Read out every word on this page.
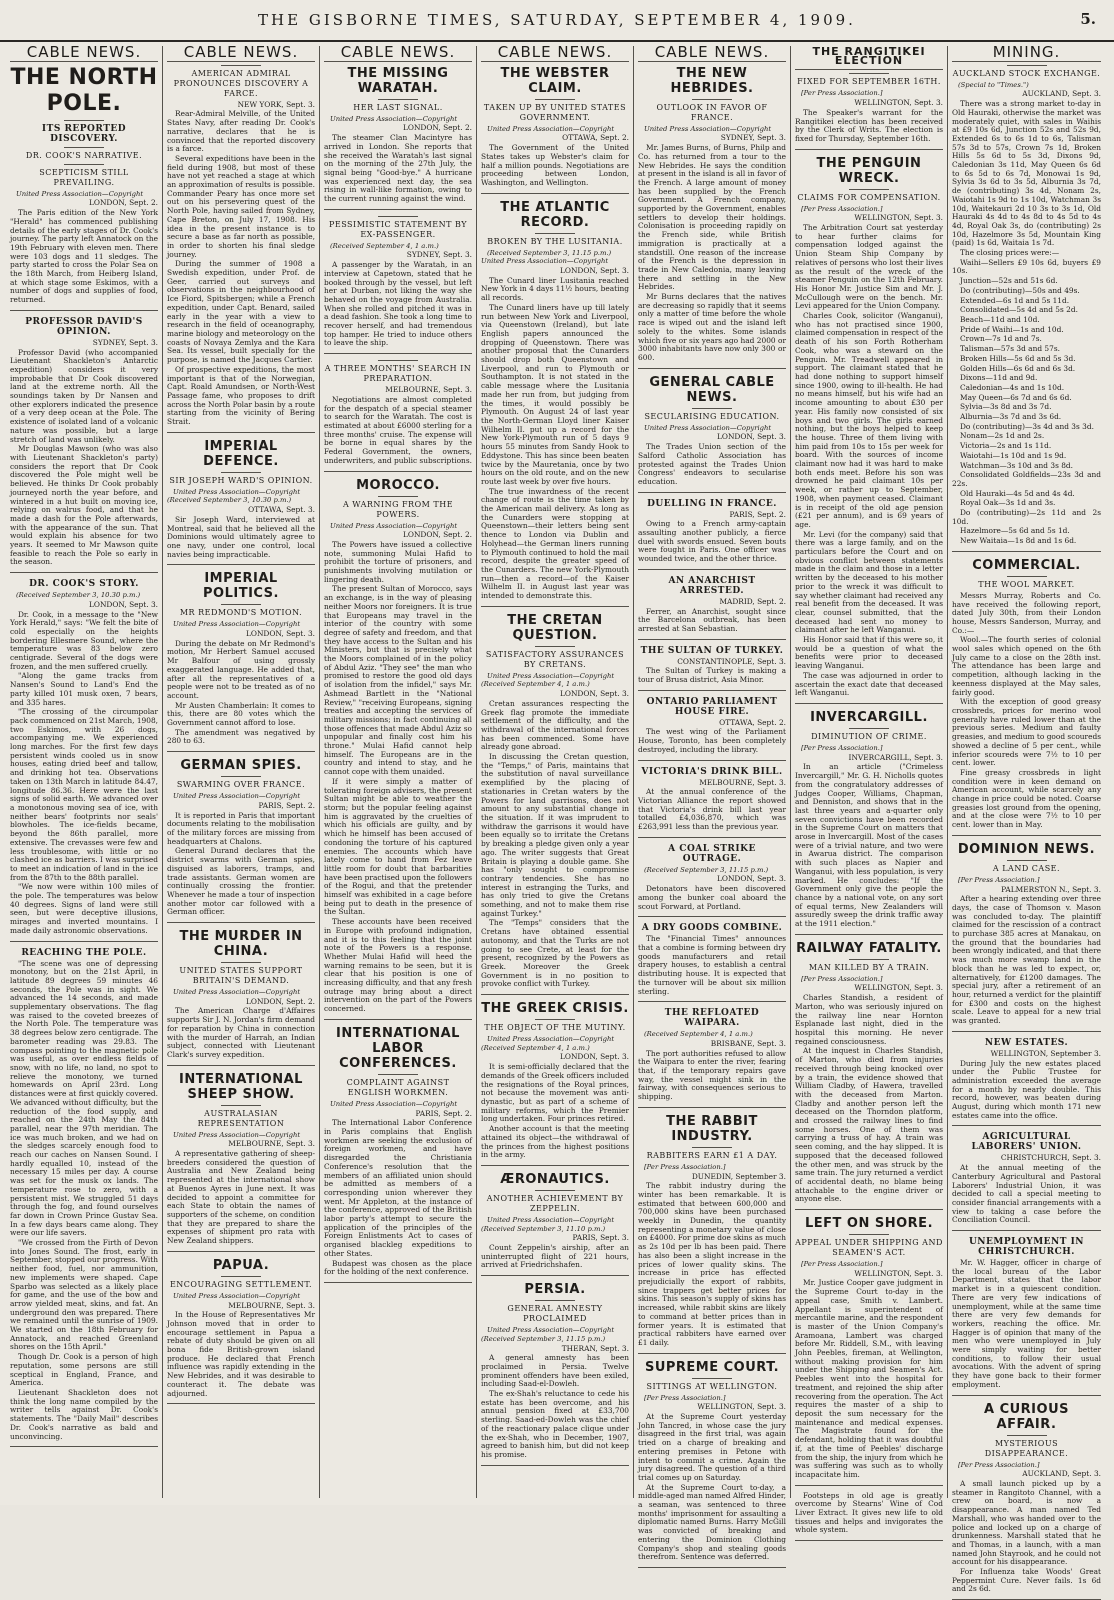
THE GISBORNE TIMES, SATURDAY, SEPTEMBER 4, 1909.	5.
CABLE NEWS.
THE NORTH POLE.
ITS REPORTED DISCOVERY.
DR. COOK'S NARRATIVE.
SCEPTICISM STILL PREVAILING.
United Press Association—Copyright
LONDON, Sept. 2.

The Paris edition of the New York "Herald" has commenced publishing details of the early stages of Dr. Cook's journey. The party left Annatock on the 19th February with eleven men. There were 103 dogs and 11 sledges. The party started to cross the Polar Sea on the 18th March, from Heiberg Island, at which stage some Eskimos, with a number of dogs and supplies of food, returned.

PROFESSOR DAVID'S OPINION.
SYDNEY, Sept. 3.

Professor David (who accompanied Lieutenant Shackleton's Antarctic expedition) considers it very improbable that Dr Cook discovered land at the extreme north. All the soundings taken by Dr Nansen and other explorers indicated the presence of a very deep ocean at the Pole. The existence of isolated land of a volcanic nature was possible, but a large stretch of land was unlikely.

Mr Douglas Mawson (who was also with Lieutenant Shackleton's party) considers the report that Dr Cook discovered the Pole might well be believed. He thinks Dr Cook probably journeyed north the year before, and wintered in a hut built on moving ice, relying on walrus food, and that he made a dash for the Pole afterwards, with the appearance of the sun. That would explain his absence for two years. It seemed to Mr Mawson quite feasible to reach the Pole so early in the season.

DR. COOK'S STORY.
(Received September 3, 10.30 p.m.)
LONDON, Sept. 3.

Dr. Cook, in a message to the "New York Herald," says: "We felt the bite of cold especially on the heights bordering Ellesmere Sound, where the temperature was 83 below zero centigrade. Several of the dogs were frozen, and the men suffered cruelly.

"Along the game tracks from Nansen's Sound to Land's End the party killed 101 musk oxen, 7 bears, and 335 hares.

"The crossing of the circumpolar pack commenced on 21st March, 1908, two Eskimos, with 26 dogs, accompanying me. We experienced long marches. For the first few days persistent winds cooled us in snow houses, eating dried beef and tallow, and drinking hot tea. Observations taken on 13th March in latitude 84.47, longitude 86.36. Here were the last signs of solid earth. We advanced over a monotonous moving sea of ice, with neither bears' footprints nor seals' blowholes. The ice-fields became, beyond the 86th parallel, more extensive. The crevasses were few and less troublesome, with little or no clashed ice as barriers. I was surprised to meet an indication of land in the ice from the 87th to the 88th parallel.

"We now were within 100 miles of the pole. The temperatures was below 40 degrees. Signs of land were still seen, but were deceptive illusions, mirages and inverted mountains. I made daily astronomic observations.

REACHING THE POLE.

"The scene was one of depressing monotony, but on the 21st April, in latitude 89 degrees 59 minutes 46 seconds, the Pole was in sight. We advanced the 14 seconds, and made supplementary observations. The flag was raised to the coveted breezes of the North Pole. The temperature was 38 degrees below zero centigrade. The barometer reading was 29.83. The compass pointing to the magnetic pole was useful, as over endless fields of snow, with no life, no land, no spot to relieve the monotony, we turned homewards on April 23rd. Long distances were at first quickly covered. We advanced without difficulty, but the reduction of the food supply, and reached on the 24th May the 84th parallel, near the 97th meridian. The ice was much broken, and we had on the sledges scarcely enough food to reach our caches on Nansen Sound. I hardly equalled 10, instead of the necessary 15 miles per day. A course was set for the musk ox lands. The temperature rose to zero, with a persistent mist. We struggled 51 days through the fog, and found ourselves far down in Crown Prince Gustav Sea. In a few days bears came along. They were our life savers.

"We crossed from the Firth of Devon into Jones Sound. The frost, early in September, stopped our progress. With neither food, fuel, nor ammunition, new implements were shaped. Cape Sparbo was selected as a likely place for game, and the use of the bow and arrow yielded meat, skins, and fat. An underground den was prepared. There we remained until the sunrise of 1909. We started on the 18th February for Annatock, and reached Greenland shores on the 15th April."

Though Dr. Cook is a person of high reputation, some persons are still sceptical in England, France, and America.

Lieutenant Shackleton does not think the long name compiled by the writer tells against Dr. Cook's statements. The "Daily Mail" describes Dr. Cook's narrative as bald and unconvincing.

CABLE NEWS.
AMERICAN ADMIRAL PRONOUNCES DISCOVERY A FARCE.
NEW YORK, Sept. 3.

Rear-Admiral Melville, of the United States Navy, after reading Dr. Cook's narrative, declares that he is convinced that the reported discovery is a farce.

Several expeditions have been in the field during 1908, but most of these have not yet reached a stage at which an approximation of results is possible. Commander Peary has once more set out on his persevering quest of the North Pole, having sailed from Sydney, Cape Breton, on July 17, 1908. His idea in the present instance is to secure a base as far north as possible, in order to shorten his final sledge journey.

During the summer of 1908 a Swedish expedition, under Prof. de Geer, carried out surveys and observations in the neighbourhood of Ice Fiord, Spitsbergen; while a French expedition, under Capt. Benard, sailed early in the year with a view to research in the field of oceanography, marine biology and meteorology on the coasts of Novaya Zemlya and the Kara Sea. Its vessel, built specially for the purpose, is named the Jacques Cartier.

Of prospective expeditions, the most important is that of the Norwegian, Capt. Roald Amundsen, or North-West Passage fame, who proposes to drift across the North Polar basin by a route starting from the vicinity of Bering Strait.

IMPERIAL DEFENCE.
SIR JOSEPH WARD'S OPINION.
United Press Association—Copyright (Received September 3, 10.30 p.m.)
OTTAWA, Sept. 3.

Sir Joseph Ward, interviewed at Montreal, said that he believed all the Dominions would ultimately agree to one navy, under one control, local navies being impracticable.

IMPERIAL POLITICS.
MR REDMOND'S MOTION.
United Press Association—Copyright
LONDON, Sept. 3.

During the debate on Mr Redmond's motion, Mr Herbert Samuel accused Mr Balfour of using grossly exaggerated language. He added that, after all the representatives of a people were not to be treated as of no account.

Mr Austen Chamberlain: It comes to this, there are 80 votes which the Government cannot afford to lose.

The amendment was negatived by 280 to 63.

GERMAN SPIES.
SWARMING OVER FRANCE.
United Press Association—Copyright
PARIS, Sept. 2.

It is reported in Paris that important documents relating to the mobilisation of the military forces are missing from headquarters at Chalons.

General Durand declares that the district swarms with German spies, disguised as laborers, tramps, and trade assistants. German women are continually crossing the frontier. Whenever he made a tour of inspection another motor car followed with a German officer.

THE MURDER IN CHINA.
UNITED STATES SUPPORT BRITAIN'S DEMAND.
United Press Association—Copyright
LONDON, Sept. 2.

The American Charge d'Affaires supports Sir J. N. Jordan's firm demand for reparation by China in connection with the murder of Harrah, an Indian subject, connected with Lieutenant Clark's survey expedition.

INTERNATIONAL SHEEP SHOW.
AUSTRALASIAN REPRESENTATION
United Press Association—Copyright
MELBOURNE, Sept. 3.

A representative gathering of sheep-breeders considered the question of Australia and New Zealand being represented at the international show at Buenos Ayres in June next. It was decided to appoint a committee for each State to obtain the names of supporters of the scheme, on condition that they are prepared to share the expenses of shipment pro rata with New Zealand shippers.

PAPUA.
ENCOURAGING SETTLEMENT.
United Press Association—Copyright
MELBOURNE, Sept. 3.

In the House of Representatives Mr Johnson moved that in order to encourage settlement in Papua a rebate of duty should be given on all bona fide British-grown island produce. He declared that French influence was rapidly extending in the New Hebrides, and it was desirable to counteract it. The debate was adjourned.

CABLE NEWS.
THE MISSING WARATAH.
HER LAST SIGNAL.
United Press Association—Copyright
LONDON, Sept. 2.

The steamer Clan Macintyre has arrived in London. She reports that she received the Waratah's last signal on the morning of the 27th July, the signal being "Good-bye." A hurricane was experienced next day, the sea rising in wall-like formation, owing to the current running against the wind.

PESSIMISTIC STATEMENT BY EX-PASSENGER.
(Received September 4, 1 a.m.)
SYDNEY, Sept. 3.

A passenger by the Waratah, in an interview at Capetown, stated that he booked through by the vessel, but left her at Durban, not liking the way she behaved on the voyage from Australia. When she rolled and pitched it was in a dead fashion. She took a long time to recover herself, and had tremendous top hamper. He tried to induce others to leave the ship.

A THREE MONTHS' SEARCH IN PREPARATION.
MELBOURNE, Sept. 3.

Negotiations are almost completed for the despatch of a special steamer to search for the Waratah. The cost is estimated at about £6000 sterling for a three months' cruise. The expense will be borne in equal shares by the Federal Government, the owners, underwriters, and public subscriptions.

MOROCCO.
A WARNING FROM THE POWERS.
United Press Association—Copyright
LONDON, Sept. 2.

The Powers have issued a collective note, summoning Mulai Hafid to prohibit the torture of prisoners, and punishments involving mutilation or lingering death.

The present Sultan of Morocco, says an exchange, is in the way of pleasing neither Moors nor foreigners. It is true that Europeans may travel in the interior of the country with some degree of safety and freedom, and that they have access to the Sultan and his Ministers, but that is precisely what the Moors complained of in the policy of Abdul Aziz. "They see" the man who promised to restore the good old days of isolation from the infidel," says Mr. Ashmead Bartlett in the "National Review," "receiving Europeans, signing treaties and accepting the services of military missions; in fact continuing all those offences that made Abdul Aziz so unpopular and finally cost him his throne." Mulai Hafid cannot help himself. The Europeans are in the country and intend to stay, and he cannot cope with them unaided.

If it were simply a matter of tolerating foreign advisers, the present Sultan might be able to weather the storm; but the popular feeling against him is aggravated by the cruelties of which his officials are guilty, and by which he himself has been accused of condoning the torture of his captured enemies. The accounts which have lately come to hand from Fez leave little room for doubt that barbarities have been practised upon the followers of the Rogui, and that the pretender himself was exhibited in a cage before being put to death in the presence of the Sultan.

These accounts have been received in Europe with profound indignation, and it is to this feeling that the joint note of the Powers is a response. Whether Mulai Hafid will heed the warning remains to be seen, but it is clear that his position is one of increasing difficulty, and that any fresh outrage may bring about a direct intervention on the part of the Powers concerned.

INTERNATIONAL LABOR CONFERENCES.
COMPLAINT AGAINST ENGLISH WORKMEN.
United Press Association—Copyright
PARIS, Sept. 2.

The International Labor Conference in Paris complains that English workmen are seeking the exclusion of foreign workmen, and have disregarded the Christiania Conference's resolution that the members of an affiliated union should be admitted as members of a corresponding union wherever they went. Mr Appleton, at the instance of the conference, approved of the British labor party's attempt to secure the application of the principles of the Foreign Enlistments Act to cases of organised blackleg expeditions to other States.

Budapest was chosen as the place for the holding of the next conference.

CABLE NEWS.
THE WEBSTER CLAIM.
TAKEN UP BY UNITED STATES GOVERNMENT.
United Press Association—Copyright
OTTAWA, Sept. 2.

The Government of the United States takes up Webster's claim for half a million pounds. Negotiations are proceeding between London, Washington, and Wellington.

THE ATLANTIC RECORD.
BROKEN BY THE LUSITANIA.
(Received September 3, 11.15 p.m.) United Press Association—Copyright
LONDON, Sept. 3.

The Cunard liner Lusitania reached New York in 4 days 11½ hours, beating all records.

The Cunard liners have up till lately run between New York and Liverpool, via Queenstown (Ireland), but late English papers announced the dropping of Queenstown. There was another proposal that the Cunarders should drop both Queenstown and Liverpool, and run to Plymouth or Southampton. It is not stated in the cable message where the Lusitania made her run from, but judging from the times, it would possibly be Plymouth. On August 24 of last year the North-German Lloyd liner Kaiser Wilhelm II. put up a record for the New York-Plymouth run of 5 days 9 hours 55 minutes from Sandy Hook to Eddystone. This has since been beaten twice by the Mauretania, once by two hours on the old route, and on the new route last week by over five hours.

The true inwardness of the recent change of route is the time taken by the American mail delivery. As long as the Cunarders were stopping at Queenstown—their letters being sent thence to London via Dublin and Holyhead—the German liners running to Plymouth continued to hold the mail record, despite the greater speed of the Cunarders. The new York-Plymouth run—then a record—of the Kaiser Wilhelm II. in August last year was intended to demonstrate this.

THE CRETAN QUESTION.
SATISFACTORY ASSURANCES BY CRETANS.
United Press Association—Copyright (Received September 4, 1 a.m.)
LONDON, Sept. 3.

Cretan assurances respecting the Greek flag promote the immediate settlement of the difficulty, and the withdrawal of the international forces has been commenced. Some have already gone abroad.

In discussing the Cretan question, the "Temps," of Paris, maintains that the substitution of naval surveillance exemplified by the placing of stationaries in Cretan waters by the Powers for land garrisons, does not amount to any substantial change in the situation. If it was imprudent to withdraw the garrisons it would have been equally so to irritate the Cretans by breaking a pledge given only a year ago. The writer suggests that Great Britain is playing a double game. She has "only sought to compromise contrary tendencies. She has no interest in estranging the Turks, and has only tried to give the Cretans something, and not to make them rise against Turkey."

The "Temps" considers that the Cretans have obtained essential autonomy, and that the Turks are not going to see Crete, at least for the present, recognized by the Powers as Greek. Moreover the Greek Government is in no position to provoke conflict with Turkey.

THE GREEK CRISIS.
THE OBJECT OF THE MUTINY.
United Press Association—Copyright (Received September 4, 1 a.m.)
LONDON, Sept. 3.

It is semi-officially declared that the demands of the Greek officers included the resignations of the Royal princes, not because the movement was anti-dynastic, but as part of a scheme of military reforms, which the Premier long undertaken. Four princes retired.

Another account is that the meeting attained its object—the withdrawal of the princes from the highest positions in the army.

ÆRONAUTICS.
ANOTHER ACHIEVEMENT BY ZEPPELIN.
United Press Association—Copyright (Received September 3, 11.10 p.m.)
PARIS, Sept. 3.

Count Zeppelin's airship, after an uninterrupted flight of 221 hours, arrived at Friedrichshafen.

PERSIA.
GENERAL AMNESTY PROCLAIMED
United Press Association—Copyright (Received September 3, 11.15 p.m.)
THERAN, Sept. 3.

A general amnesty has been proclaimed in Persia. Twelve prominent offenders have been exiled, including Saad-el-Dowleh.

The ex-Shah's reluctance to cede his estate has been overcome, and his annual pension fixed at £33,700 sterling. Saad-ed-Dowleh was the chief of the reactionary palace clique under the ex-Shah, who in December, 1907, agreed to banish him, but did not keep his promise.

CABLE NEWS.
THE NEW HEBRIDES.
OUTLOOK IN FAVOR OF FRANCE.
United Press Association—Copyright
SYDNEY, Sept. 3.

Mr. James Burns, of Burns, Philp and Co. has returned from a tour to the New Hebrides. He says the condition at present in the island is all in favor of the French. A large amount of money has been supplied by the French Government. A French company, supported by the Government, enables settlers to develop their holdings. Colonisation is proceeding rapidly on the French side, while British immigration is practically at a standstill. One reason of the increase of the French is the depression in trade in New Caledonia, many leaving there and settling in the New Hebrides.

Mr Burns declares that the natives are decreasing so rapidly that it seems only a matter of time before the whole race is wiped out and the island left solely to the whites. Some islands which five or six years ago had 2000 or 3000 inhabitants have now only 300 or 600.

GENERAL CABLE NEWS.
SECULARISING EDUCATION.
United Press Association—Copyright
LONDON, Sept. 3.

The Trades Union section of the Salford Catholic Association has protested against the Trades Union Congress' endeavors to secularise education.

DUELLING IN FRANCE.
PARIS, Sept. 2.

Owing to a French army-captain assaulting another publicly, a fierce duel with swords ensued. Seven bouts were fought in Paris. One officer was wounded twice, and the other thrice.

AN ANARCHIST ARRESTED.
MADRID, Sept. 2.

Ferrer, an Anarchist, sought since the Barcelona outbreak, has been arrested at San Sebastian.

THE SULTAN OF TURKEY.
CONSTANTINOPLE, Sept. 3.

The Sultan of Turkey is making a tour of Brusa district, Asia Minor.

ONTARIO PARLIAMENT HOUSE FIRE.
OTTAWA, Sept. 2.

The west wing of the Parliament House, Toronto, has been completely destroyed, including the library.

VICTORIA'S DRINK BILL.
MELBOURNE, Sept. 3.

At the annual conference of the Victorian Alliance the report showed that Victoria's drink bill last year totalled £4,036,870, which was £263,991 less than the previous year.

A COAL STRIKE OUTRAGE.
(Received September 3, 11.15 p.m.)
LONDON, Sept. 3.

Detonators have been discovered among the bunker coal aboard the scout Forward, at Portland.

A DRY GOODS COMBINE.

The "Financial Times" announces that a combine is forming between dry goods manufacturers and retail drapery houses, to establish a central distributing house. It is expected that the turnover will be about six million sterling.

THE REFLOATED WAIPARA.
(Received September 4, 1 a.m.)
BRISBANE, Sept. 3.

The port authorities refused to allow the Waipara to enter the river, fearing that, if the temporary repairs gave way, the vessel might sink in the fairway, with consequences serious to shipping.

THE RABBIT INDUSTRY.
RABBITERS EARN £1 A DAY.
[Per Press Association.]
DUNEDIN, September 3.

The rabbit industry during the winter has been remarkable. It is estimated that between 600,000 and 700,000 skins have been purchased weekly in Dunedin, the quantity representing a monetary value of close on £4000. For prime doe skins as much as 2s 10d per lb has been paid. There has also been a slight increase in the prices of lower quality skins. The increase in price has effected prejudicially the export of rabbits, since trappers get better prices for skins. This season's supply of skins has increased, while rabbit skins are likely to command at better prices than in former years. It is estimated that practical rabbiters have earned over £1 daily.

SUPREME COURT.
SITTINGS AT WELLINGTON.
[Per Press Association.]
WELLINGTON, Sept. 3.

At the Supreme Court yesterday John Tancred, in whose case the jury disagreed in the first trial, was again tried on a charge of breaking and entering premises in Petone with intent to commit a crime. Again the jury disagreed. The question of a third trial comes up on Saturday.

At the Supreme Court to-day, a middle-aged man named Alfred Hinder, a seaman, was sentenced to three months' imprisonment for assaulting a diplomatic named Burns. Harry McGill was convicted of breaking and entering the Dominion Clothing Company's shop and stealing goods therefrom. Sentence was deferred.

THE RANGITIKEI ELECTION
FIXED FOR SEPTEMBER 16TH.
[Per Press Association.]
WELLINGTON, Sept. 3.

The Speaker's warrant for the Rangitikei election has been received by the Clerk of Writs. The election is fixed for Thursday, September 16th.

THE PENGUIN WRECK.
CLAIMS FOR COMPENSATION.
[Per Press Association.]
WELLINGTON, Sept. 3.

The Arbitration Court sat yesterday to hear further claims for compensation lodged against the Union Steam Ship Company by relatives of persons who lost their lives as the result of the wreck of the steamer Penguin on the 12th February. His Honor Mr. Justice Sim and Mr. J. McCullough were on the bench. Mr. Levi appeared for the Union Company.

Charles Cook, solicitor (Wanganui), who has not practised since 1900, claimed compensation in respect of the death of his son Forth Rotherham Cook, who was a steward on the Penguin. Mr. Treadwell appeared in support. The claimant stated that he had done nothing to support himself since 1900, owing to ill-health. He had no means himself, but his wife had an income amounting to about £30 per year. His family now consisted of six boys and two girls. The girls earned nothing, but the boys helped to keep the house. Three of them living with him paid from 10s to 15s per week for board. With the sources of income claimant now had it was hard to make both ends meet. Before his son was drowned he paid claimant 10s per week, or rather up to September, 1908, when payment ceased. Claimant is in receipt of the old age pension (£21 per annum), and is 69 years of age.

Mr. Levi (for the company) said that there was a large family, and on the particulars before the Court and on obvious conflict between statements made in the claim and those in a letter written by the deceased to his mother prior to the wreck it was difficult to say whether claimant had received any real benefit from the deceased. It was clear, counsel submitted, that the deceased had sent no money to claimant after he left Wanganui.

His Honor said that if this were so, it would be a question of what the benefits were prior to deceased leaving Wanganui.

The case was adjourned in order to ascertain the exact date that deceased left Wanganui.

INVERCARGILL.
DIMINUTION OF CRIME.
[Per Press Association.]
INVERCARGILL, Sept. 3.

In an article ("Crimeless Invercargill," Mr. G. H. Nicholls quotes from the congratulatory addresses of Judges Cooper, Williams, Chapman, and Denniston, and shows that in the last three years and a-quarter only seven convictions have been recorded in the Supreme Court on matters that arose in Invercargill. Most of the cases were of a trivial nature, and two were in Awarua district. The comparison with such places as Napier and Wanganui, with less population, is very marked. He concludes: "If the Government only give the people the chance by a national vote, on any sort of equal terms, New Zealanders will assuredly sweep the drink traffic away at the 1911 election."

RAILWAY FATALITY.
MAN KILLED BY A TRAIN.
[Per Press Association.]
WELLINGTON, Sept. 3.

Charles Standish, a resident of Marton, who was seriously injured on the railway line near Hornton Esplanade last night, died in the hospital this morning. He never regained consciousness.

At the inquest in Charles Standish, of Marton, who died from injuries received through being knocked over by a train, the evidence showed that William Cladby, of Hawera, travelled with the deceased from Marton. Cladby and another person left the deceased on the Thorndon platform, and crossed the railway lines to find some horses. One of them was carrying a truss of hay. A train was seen coming, and the hay slipped. It is supposed that the deceased followed the other men, and was struck by the same train. The jury returned a verdict of accidental death, no blame being attachable to the engine driver or anyone else.

LEFT ON SHORE.
APPEAL UNDER SHIPPING AND SEAMEN'S ACT.
[Per Press Association.]
WELLINGTON, Sept. 3.

Mr. Justice Cooper gave judgment in the Supreme Court to-day in the appeal case, Smith v. Lambert. Appellant is superintendent of mercantile marine, and the respondent is master of the Union Company's Aramoana, Lambert was charged before Mr. Riddell, S.M., with leaving John Peebles, fireman, at Wellington, without making provision for him under the Shipping and Seamen's Act. Peebles went into the hospital for treatment, and rejoined the ship after recovering from the operation. The Act requires the master of a ship to deposit the sum necessary for the maintenance and medical expenses. The Magistrate found for the defendant, holding that it was doubtful if, at the time of Peebles' discharge from the ship, the injury from which he was suffering was such as to wholly incapacitate him.

Footsteps in old age is greatly overcome by Stearns' Wine of Cod Liver Extract. It gives new life to old tissues and helps and invigorates the whole system.

MINING.
AUCKLAND STOCK EXCHANGE.
(Special to "Times.")
AUCKLAND, Sept. 3.

There was a strong market to-day in Old Hauraki, otherwise the market was moderately quiet, with sales in Waihis at £9 10s 6d, Junction 52s and 52s 9d, Extended 6s to 6s 1d to 6s, Talisman 57s 3d to 57s, Crown 7s 1d, Broken Hills 5s 6d to 5s 3d, Dixons 9d, Caledonian 3s 11d, May Queen 6s 6d to 6s 5d to 6s 7d, Monowai 1s 9d, Sylvia 3s 6d to 3s 5d, Alburnia 3s 7d, de (contributing) 3s 4d, Nonam 2s, Waiotahi 1s 9d to 1s 10d, Watchman 3s 10d, Waitekauri 2d 10 3s to 3s 1d, Old Hauraki 4s 4d to 4s 8d to 4s 5d to 4s 4d, Royal Oak 3s, do (contributing) 2s 10d, Hazelmore 3s 5d, Mountain King (paid) 1s 6d, Waitaia 1s 7d.

The closing prices were:—

Waihi—Sellers £9 10s 6d, buyers £9 10s.

Junction—52s and 51s 6d.

Do (contributing)—50s and 49s.

Extended—6s 1d and 5s 11d.

Consolidated—5s 4d and 5s 2d.

Beach—11d and 10d.

Pride of Waihi—1s and 10d.

Crown—7s 1d and 7s.

Talisman—57s 3d and 57s.

Broken Hills—5s 6d and 5s 3d.

Golden Hills—6s 6d and 6s 3d.

Dixons—11d and 9d.

Caledonian—4s and 1s 10d.

May Queen—6s 7d and 6s 6d.

Sylvia—3s 8d and 3s 7d.

Alburnia—3s 7d and 3s 6d.

Do (contributing)—3s 4d and 3s 3d.

Nonam—2s 1d and 2s.

Victoria—2s and 1s 11d.

Waiotahi—1s 10d and 1s 9d.

Watchman—3s 10d and 3s 8d.

Consolidated Goldfields—23s 3d and 22s.

Old Hauraki—4s 5d and 4s 4d.

Royal Oak—3s 1d and 3s.

Do (contributing)—2s 11d and 2s 10d.

Hazelmore—5s 6d and 5s 1d.

New Waitaia—1s 8d and 1s 6d.

COMMERCIAL.
THE WOOL MARKET.

Messrs Murray, Roberts and Co. have received the following report, dated July 30th, from their London house, Messrs Sanderson, Murray, and Co.:—

Wool.—The fourth series of colonial wool sales which opened on the 6th July came to a close on the 28th inst. The attendance has been large and competition, although lacking in the keenness displayed at the May sales, fairly good.

With the exception of good greasy crossbreds, prices for merino wool generally have ruled lower than at the previous series. Medium and faulty greasies, and medium to good scoureds showed a decline of 5 per cent., while inferior scoureds were 7½ to 10 per cent. lower.

Fine greasy crossbreds in light condition were in keen demand on American account, while scarcely any change in price could be noted. Coarse greasies lost ground from the opening, and at the close were 7½ to 10 per cent. lower than in May.

DOMINION NEWS.
A LAND CASE.
[Per Press Association.]
PALMERSTON N., Sept. 3.

After a hearing extending over three days, the case of Thomson v. Mason was concluded to-day. The plaintiff claimed for the rescission of a contract to purchase 385 acres at Manakau, on the ground that the boundaries had been wrongly indicated, and that there was much more swamp land in the block than he was led to expect, or, alternatively, for £1200 damages. The special jury, after a retirement of an hour, returned a verdict for the plaintiff for £300 and costs on the highest scale. Leave to appeal for a new trial was granted.

NEW ESTATES.
WELLINGTON, September 3.

During July the new estates placed under the Public Trustee for administration exceeded the average for a month by nearly double. This record, however, was beaten during August, during which month 171 new estates came into the office.

AGRICULTURAL LABORERS' UNION.
CHRISTCHURCH, Sept. 3.

At the annual meeting of the Canterbury Agricultural and Pastoral Laborers' Industrial Union, it was decided to call a special meeting to consider financial arrangements with a view to taking a case before the Conciliation Council.

UNEMPLOYMENT IN CHRISTCHURCH.

Mr. W. Hagger, officer in charge of the local bureau of the Labor Department, states that the labor market is in a quiescent condition. There are very few indications of unemployment, while at the same time there are very few demands for workers, reaching the office. Mr. Hagger is of opinion that many of the men who were unemployed in July were simply waiting for better conditions, to follow their usual avocations. With the advent of spring they have gone back to their former employment.

A CURIOUS AFFAIR.
MYSTERIOUS DISAPPEARANCE.
[Per Press Association.]
AUCKLAND, Sept. 3.

A small launch picked up by a steamer in Rangitoto Channel, with a crew on board, is now a disappearance. A man named Ted Marshall, who was handed over to the police and locked up on a charge of drunkenness. Marshall stated that he and Thomas, in a launch, with a man named John Stayrook, and he could not account for his disappearance.

For Influenza take Woods' Great Peppermint Cure. Never fails. 1s 6d and 2s 6d.
